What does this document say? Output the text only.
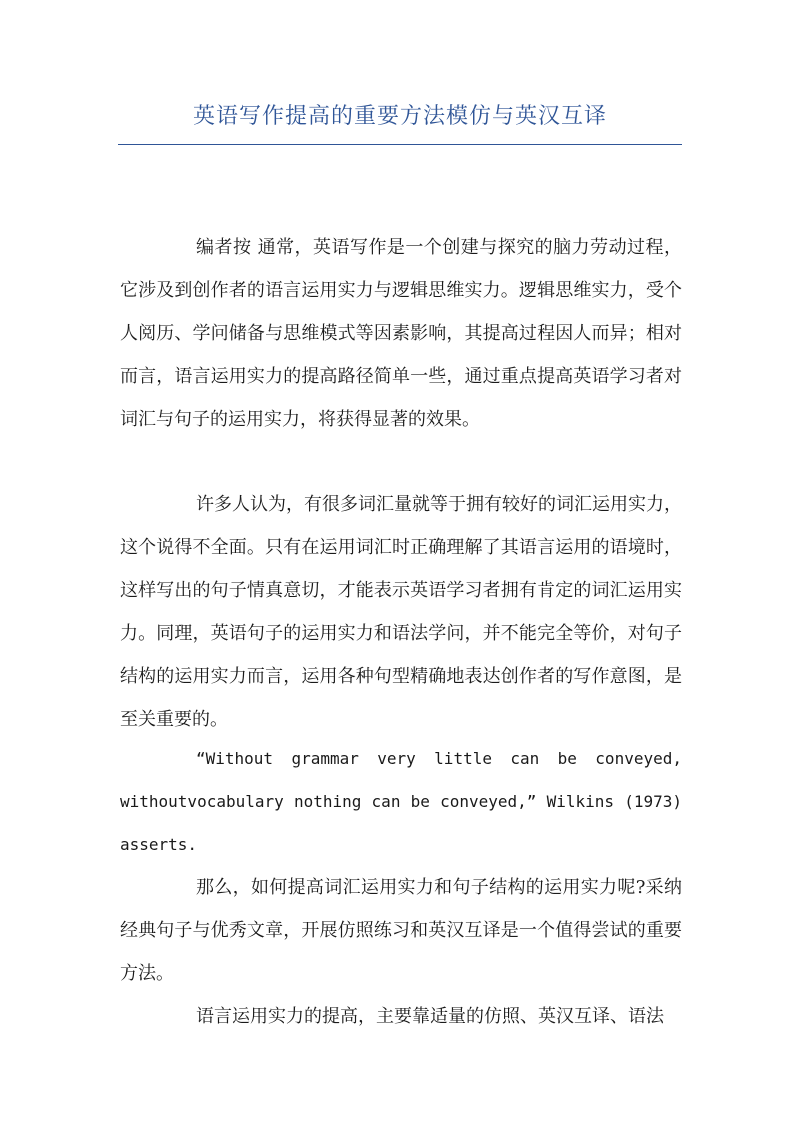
英语写作提高的重要方法模仿与英汉互译

编者按 通常，英语写作是一个创建与探究的脑力劳动过程，它涉及到创作者的语言运用实力与逻辑思维实力。逻辑思维实力，受个人阅历、学问储备与思维模式等因素影响，其提高过程因人而异；相对而言，语言运用实力的提高路径简单一些，通过重点提高英语学习者对词汇与句子的运用实力，将获得显著的效果。

许多人认为，有很多词汇量就等于拥有较好的词汇运用实力，这个说得不全面。只有在运用词汇时正确理解了其语言运用的语境时，这样写出的句子情真意切，才能表示英语学习者拥有肯定的词汇运用实力。同理，英语句子的运用实力和语法学问，并不能完全等价，对句子结构的运用实力而言，运用各种句型精确地表达创作者的写作意图，是至关重要的。

“Without grammar very little can be conveyed, withoutvocabulary nothing can be conveyed,” Wilkins (1973) asserts.

那么，如何提高词汇运用实力和句子结构的运用实力呢?采纳经典句子与优秀文章，开展仿照练习和英汉互译是一个值得尝试的重要方法。

语言运用实力的提高，主要靠适量的仿照、英汉互译、语法
